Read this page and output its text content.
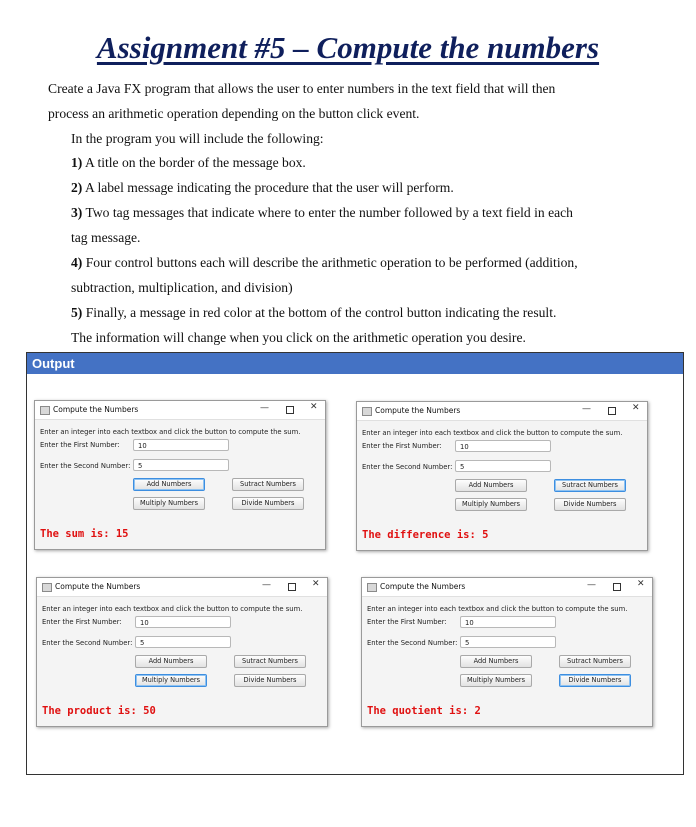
Assignment #5 – Compute the numbers
Create a Java FX program that allows the user to enter numbers in the text field that will then
process an arithmetic operation depending on the button click event.
In the program you will include the following:
1) A title on the border of the message box.
2) A label message indicating the procedure that the user will perform.
3) Two tag messages that indicate where to enter the number followed by a text field in each
tag message.
4) Four control buttons each will describe the arithmetic operation to be performed (addition,
subtraction, multiplication, and division)
5) Finally, a message in red color at the bottom of the control button indicating the result.
The information will change when you click on the arithmetic operation you desire.
Output
Compute the Numbers	—	✕
Enter an integer into each textbox and click the button to compute the sum.
Enter the First Number:	10
Enter the Second Number:	5
Add Numbers	Sutract Numbers
Multiply Numbers	Divide Numbers
The sum is: 15
Compute the Numbers	—	✕
Enter an integer into each textbox and click the button to compute the sum.
Enter the First Number:	10
Enter the Second Number:	5
Add Numbers	Sutract Numbers
Multiply Numbers	Divide Numbers
The difference is: 5
Compute the Numbers	—	✕
Enter an integer into each textbox and click the button to compute the sum.
Enter the First Number:	10
Enter the Second Number:	5
Add Numbers	Sutract Numbers
Multiply Numbers	Divide Numbers
The product is: 50
Compute the Numbers	—	✕
Enter an integer into each textbox and click the button to compute the sum.
Enter the First Number:	10
Enter the Second Number:	5
Add Numbers	Sutract Numbers
Multiply Numbers	Divide Numbers
The quotient is: 2
